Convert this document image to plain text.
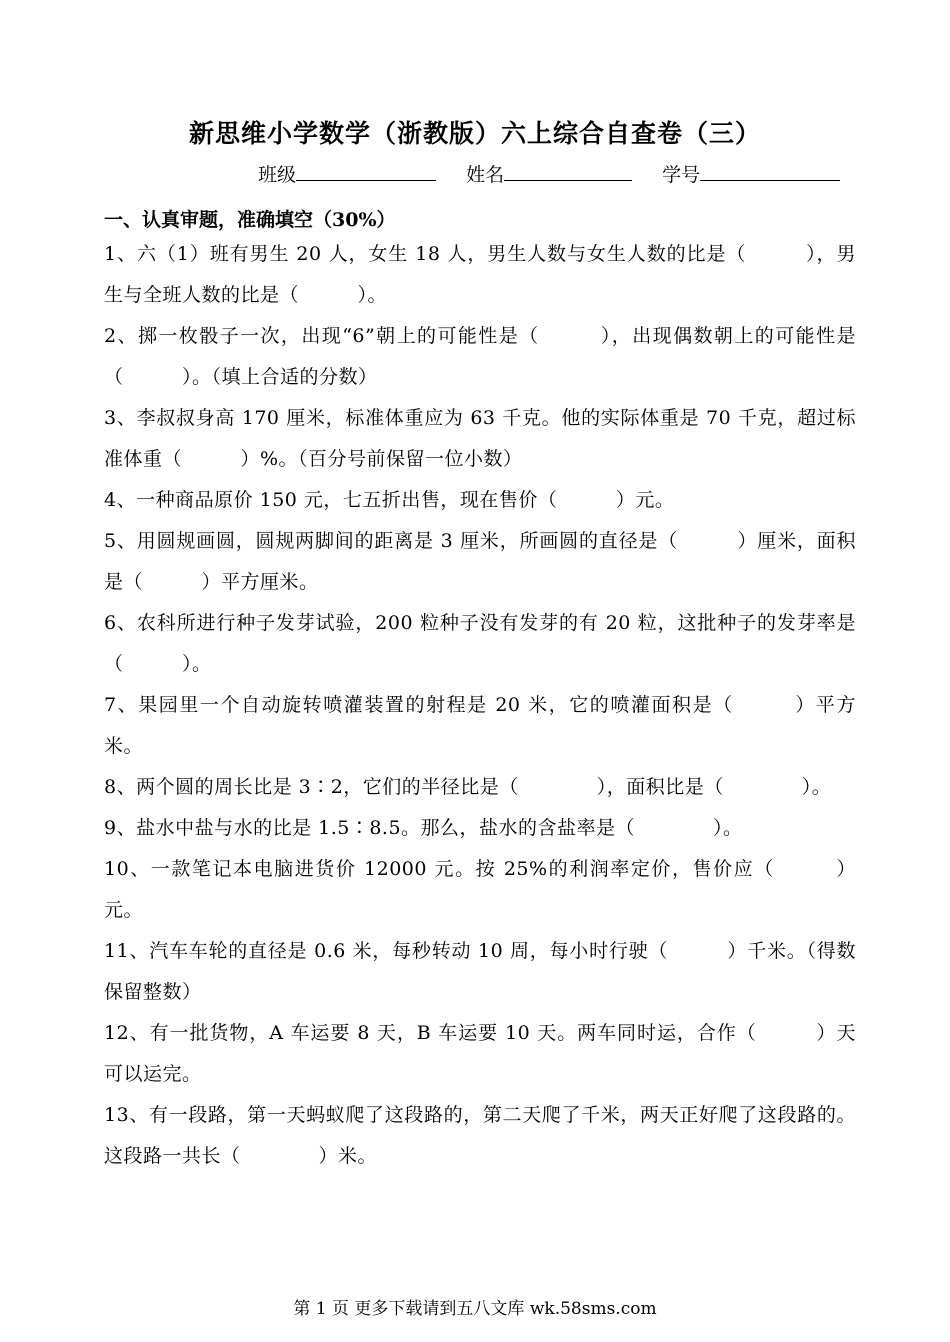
新思维小学数学（浙教版）六上综合自查卷（三）
班级	姓名	学号
一、认真审题，准确填空（30%）

1、六（1）班有男生 20 人，女生 18 人，男生人数与女生人数的比是（　　　），男生与全班人数的比是（　　　）。

2、掷一枚骰子一次，出现“6”朝上的可能性是（　　　），出现偶数朝上的可能性是（　　　）。（填上合适的分数）

3、李叔叔身高 170 厘米，标准体重应为 63 千克。他的实际体重是 70 千克，超过标准体重（　　　）%。（百分号前保留一位小数）

4、一种商品原价 150 元，七五折出售，现在售价（　　　）元。

5、用圆规画圆，圆规两脚间的距离是 3 厘米，所画圆的直径是（　　　）厘米，面积是（　　　）平方厘米。

6、农科所进行种子发芽试验，200 粒种子没有发芽的有 20 粒，这批种子的发芽率是（　　　）。

7、果园里一个自动旋转喷灌装置的射程是 20 米，它的喷灌面积是（　　　）平方米。

8、两个圆的周长比是 3∶2，它们的半径比是（　　　　），面积比是（　　　　）。

9、盐水中盐与水的比是 1.5∶8.5。那么，盐水的含盐率是（　　　　）。

10、一款笔记本电脑进货价 12000 元。按 25%的利润率定价，售价应（　　　）元。

11、汽车车轮的直径是 0.6 米，每秒转动 10 周，每小时行驶（　　　）千米。（得数保留整数）

12、有一批货物，A 车运要 8 天，B 车运要 10 天。两车同时运，合作（　　　）天可以运完。

13、有一段路，第一天蚂蚁爬了这段路的，第二天爬了千米，两天正好爬了这段路的。这段路一共长（　　　　）米。

第 1 页 更多下载请到五八文库 wk.58sms.com
